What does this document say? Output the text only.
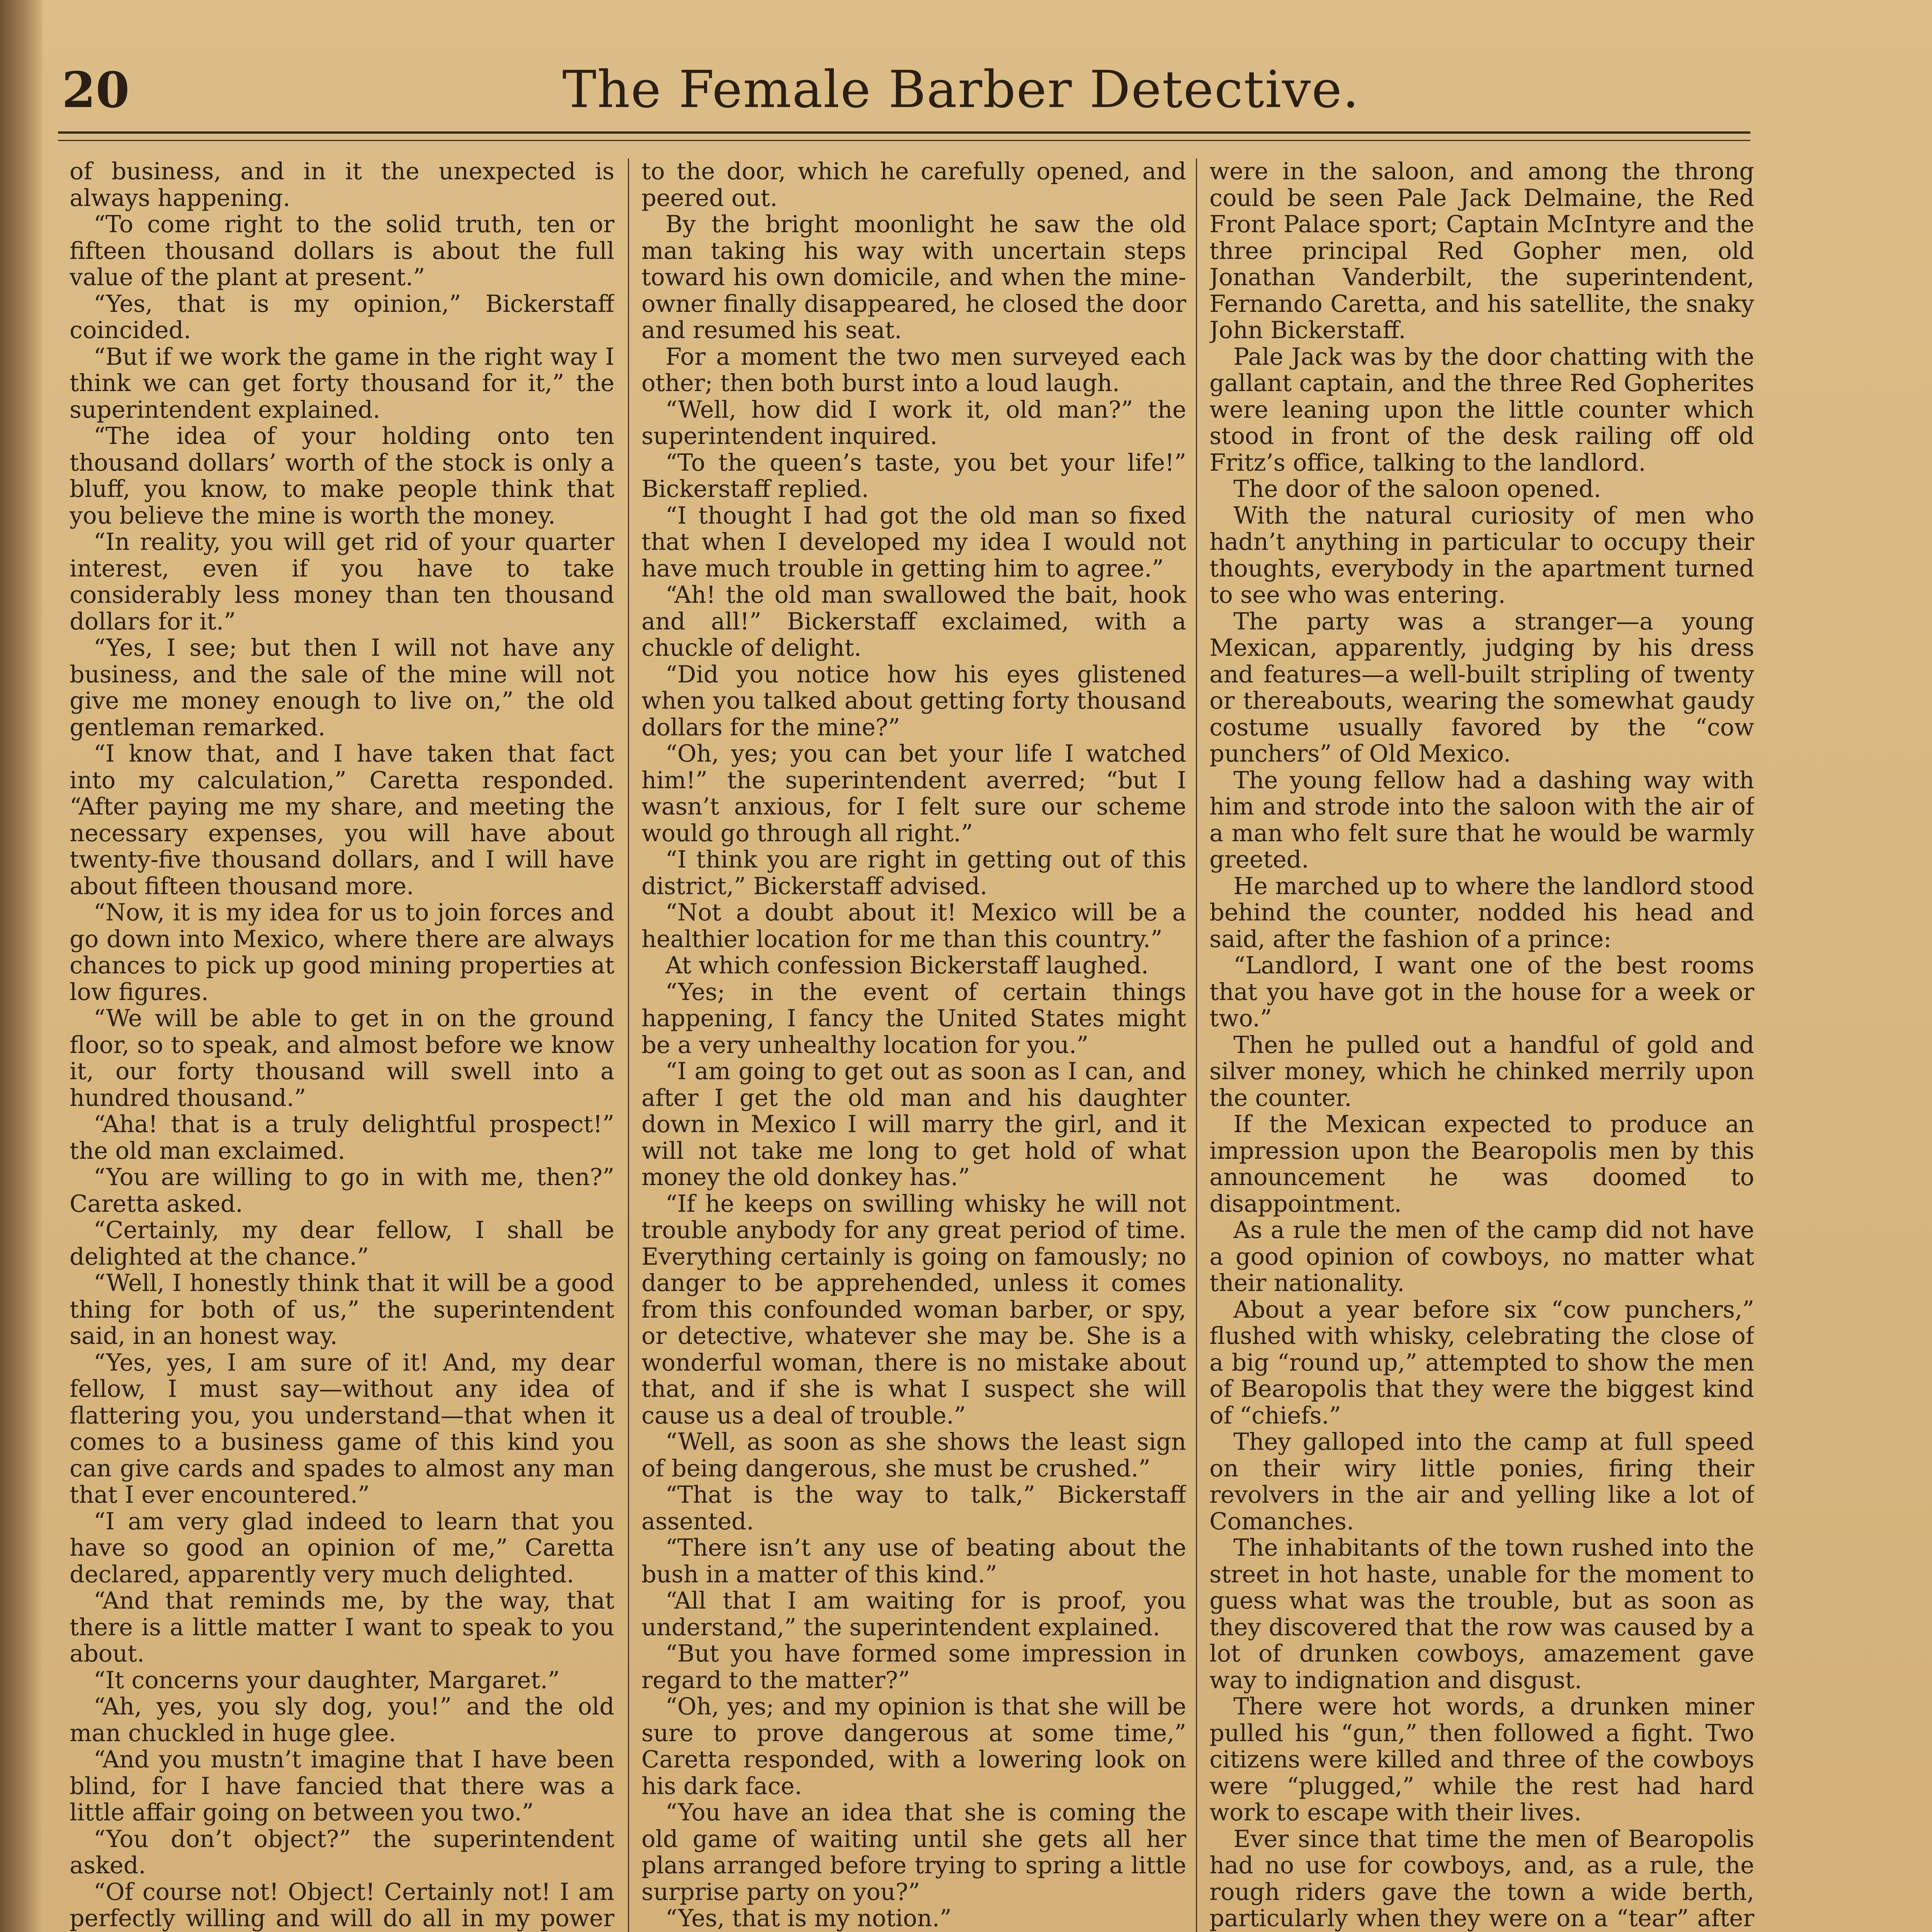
20	The Female Barber Detective.

of business, and in it the unexpected is always happening.

“To come right to the solid truth, ten or fifteen thousand dollars is about the full value of the plant at present.”

“Yes, that is my opinion,” Bickerstaff coincided.

“But if we work the game in the right way I think we can get forty thousand for it,” the superintendent explained.

“The idea of your holding onto ten thousand dollars’ worth of the stock is only a bluff, you know, to make people think that you believe the mine is worth the money.

“In reality, you will get rid of your quarter interest, even if you have to take considerably less money than ten thousand dollars for it.”

“Yes, I see; but then I will not have any business, and the sale of the mine will not give me money enough to live on,” the old gentleman remarked.

“I know that, and I have taken that fact into my calculation,” Caretta responded. “After paying me my share, and meeting the necessary expenses, you will have about twenty-five thousand dollars, and I will have about fifteen thousand more.

“Now, it is my idea for us to join forces and go down into Mexico, where there are always chances to pick up good mining properties at low figures.

“We will be able to get in on the ground floor, so to speak, and almost before we know it, our forty thousand will swell into a hundred thousand.”

“Aha! that is a truly delightful prospect!” the old man exclaimed.

“You are willing to go in with me, then?” Caretta asked.

“Certainly, my dear fellow, I shall be delighted at the chance.”

“Well, I honestly think that it will be a good thing for both of us,” the superintendent said, in an honest way.

“Yes, yes, I am sure of it! And, my dear fellow, I must say—without any idea of flattering you, you understand—that when it comes to a business game of this kind you can give cards and spades to almost any man that I ever encountered.”

“I am very glad indeed to learn that you have so good an opinion of me,” Caretta declared, apparently very much delighted.

“And that reminds me, by the way, that there is a little matter I want to speak to you about.

“It concerns your daughter, Margaret.”

“Ah, yes, you sly dog, you!” and the old man chuckled in huge glee.

“And you mustn’t imagine that I have been blind, for I have fancied that there was a little affair going on between you two.”

“You don’t object?” the superintendent asked.

“Of course not! Object! Certainly not! I am perfectly willing and will do all in my power

to the door, which he carefully opened, and peered out.

By the bright moonlight he saw the old man taking his way with uncertain steps toward his own domicile, and when the mine-owner finally disappeared, he closed the door and resumed his seat.

For a moment the two men surveyed each other; then both burst into a loud laugh.

“Well, how did I work it, old man?” the superintendent inquired.

“To the queen’s taste, you bet your life!” Bickerstaff replied.

“I thought I had got the old man so fixed that when I developed my idea I would not have much trouble in getting him to agree.”

“Ah! the old man swallowed the bait, hook and all!” Bickerstaff exclaimed, with a chuckle of delight.

“Did you notice how his eyes glistened when you talked about getting forty thousand dollars for the mine?”

“Oh, yes; you can bet your life I watched him!” the superintendent averred; “but I wasn’t anxious, for I felt sure our scheme would go through all right.”

“I think you are right in getting out of this district,” Bickerstaff advised.

“Not a doubt about it! Mexico will be a healthier location for me than this country.”

At which confession Bickerstaff laughed.

“Yes; in the event of certain things happening, I fancy the United States might be a very unhealthy location for you.”

“I am going to get out as soon as I can, and after I get the old man and his daughter down in Mexico I will marry the girl, and it will not take me long to get hold of what money the old donkey has.”

“If he keeps on swilling whisky he will not trouble anybody for any great period of time. Everything certainly is going on famously; no danger to be apprehended, unless it comes from this confounded woman barber, or spy, or detective, whatever she may be. She is a wonderful woman, there is no mistake about that, and if she is what I suspect she will cause us a deal of trouble.”

“Well, as soon as she shows the least sign of being dangerous, she must be crushed.”

“That is the way to talk,” Bickerstaff assented.

“There isn’t any use of beating about the bush in a matter of this kind.”

“All that I am waiting for is proof, you understand,” the superintendent explained.

“But you have formed some impression in regard to the matter?”

“Oh, yes; and my opinion is that she will be sure to prove dangerous at some time,” Caretta responded, with a lowering look on his dark face.

“You have an idea that she is coming the old game of waiting until she gets all her plans arranged before trying to spring a little surprise party on you?”

“Yes, that is my notion.”

were in the saloon, and among the throng could be seen Pale Jack Delmaine, the Red Front Palace sport; Captain McIntyre and the three principal Red Gopher men, old Jonathan Vanderbilt, the superintendent, Fernando Caretta, and his satellite, the snaky John Bickerstaff.

Pale Jack was by the door chatting with the gallant captain, and the three Red Gopherites were leaning upon the little counter which stood in front of the desk railing off old Fritz’s office, talking to the landlord.

The door of the saloon opened.

With the natural curiosity of men who hadn’t anything in particular to occupy their thoughts, everybody in the apartment turned to see who was entering.

The party was a stranger—a young Mexican, apparently, judging by his dress and features—a well-built stripling of twenty or thereabouts, wearing the somewhat gaudy costume usually favored by the “cow punchers” of Old Mexico.

The young fellow had a dashing way with him and strode into the saloon with the air of a man who felt sure that he would be warmly greeted.

He marched up to where the landlord stood behind the counter, nodded his head and said, after the fashion of a prince:

“Landlord, I want one of the best rooms that you have got in the house for a week or two.”

Then he pulled out a handful of gold and silver money, which he chinked merrily upon the counter.

If the Mexican expected to produce an impression upon the Bearopolis men by this announcement he was doomed to disappointment.

As a rule the men of the camp did not have a good opinion of cowboys, no matter what their nationality.

About a year before six “cow punchers,” flushed with whisky, celebrating the close of a big “round up,” attempted to show the men of Bearopolis that they were the biggest kind of “chiefs.”

They galloped into the camp at full speed on their wiry little ponies, firing their revolvers in the air and yelling like a lot of Comanches.

The inhabitants of the town rushed into the street in hot haste, unable for the moment to guess what was the trouble, but as soon as they discovered that the row was caused by a lot of drunken cowboys, amazement gave way to indignation and disgust.

There were hot words, a drunken miner pulled his “gun,” then followed a fight. Two citizens were killed and three of the cowboys were “plugged,” while the rest had hard work to escape with their lives.

Ever since that time the men of Bearopolis had no use for cowboys, and, as a rule, the rough riders gave the town a wide berth, particularly when they were on a “tear” after
